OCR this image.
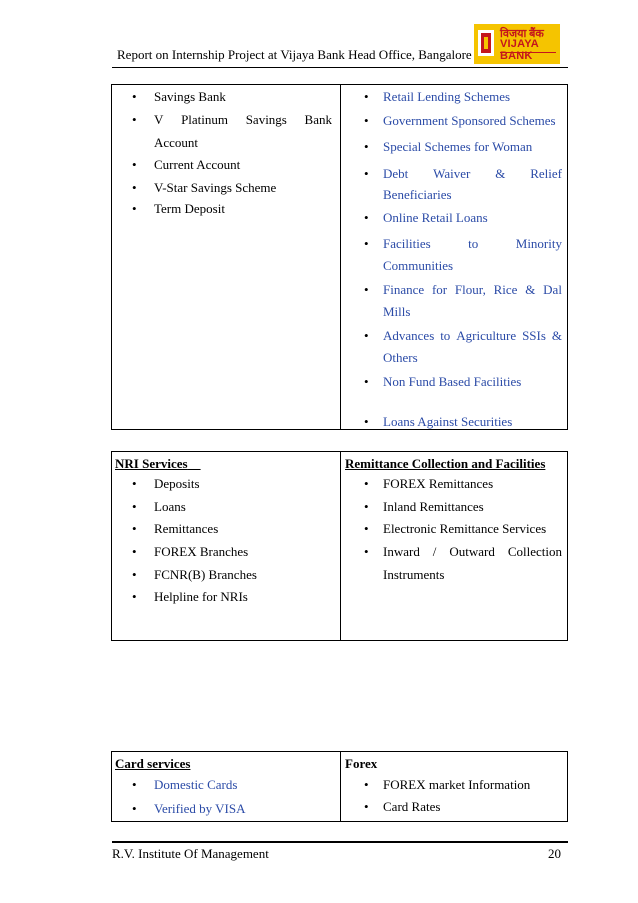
Report on Internship Project at Vijaya Bank Head Office, Bangalore
विजया बैंक
VIJAYA BANK
• Savings Bank
• V Platinum Savings Bank
Account
• Current Account
• V-Star Savings Scheme
• Term Deposit
• Retail Lending Schemes
• Government Sponsored Schemes
• Special Schemes for Woman
• Debt Waiver & Relief
Beneficiaries
• Online Retail Loans
• Facilities	to	Minority
Communities
• Finance for Flour, Rice & Dal
Mills
• Advances to Agriculture SSIs &
Others
• Non Fund Based Facilities
• Loans Against Securities
NRI Services
• Deposits
• Loans
• Remittances
• FOREX Branches
• FCNR(B) Branches
• Helpline for NRIs
Remittance Collection and Facilities
• FOREX Remittances
• Inland Remittances
• Electronic Remittance Services
• Inward / Outward Collection
Instruments
Card services
• Domestic Cards
• Verified by VISA
Forex
• FOREX market Information
• Card Rates
R.V. Institute Of Management	20
